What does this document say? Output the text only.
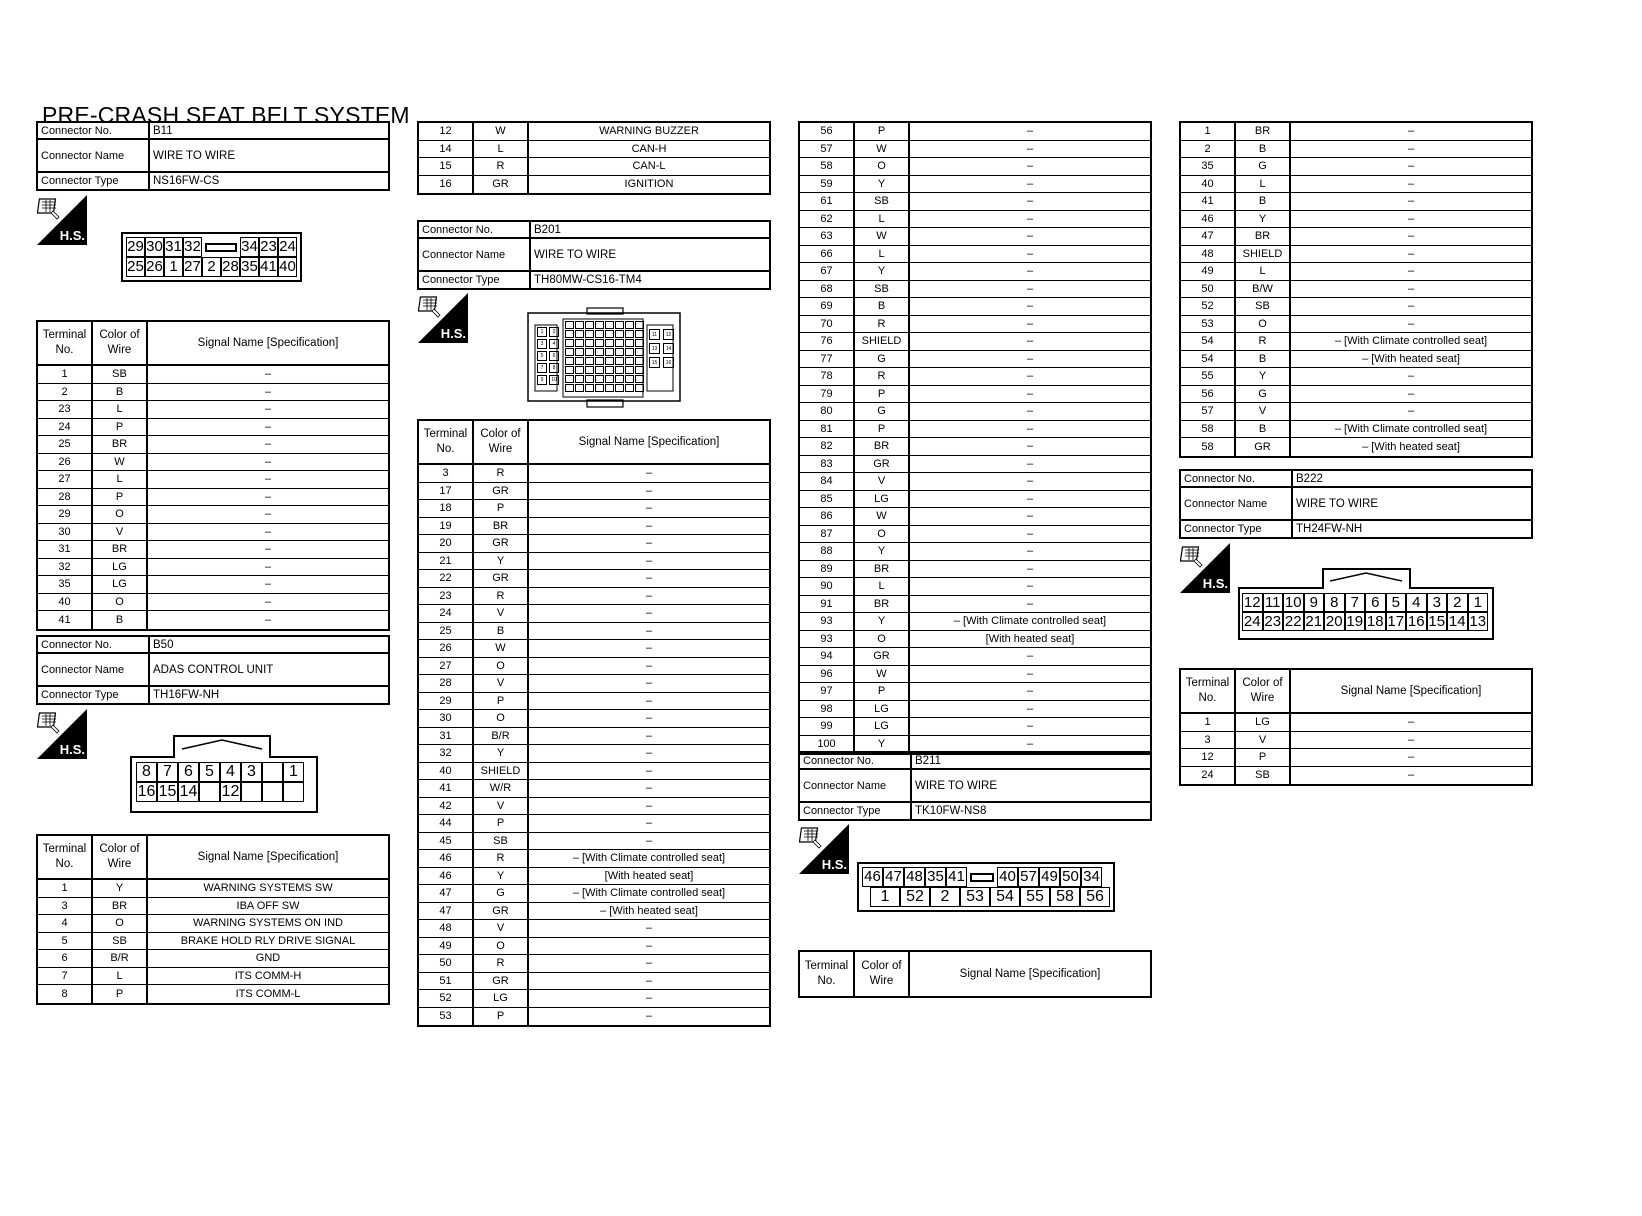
PRE-CRASH SEAT BELT SYSTEM
Connector No.	B11
Connector Name	WIRE TO WIRE
Connector Type	NS16FW-CS
H.S.
29 30 31 32	34 23 24
25 26 1 27 2 28 35 41 40
Terminal No.
Color of Wire
Signal Name [Specification]
1	SB	–
2	B	–
23	L	–
24	P	–
25	BR	–
26	W	–
27	L	–
28	P	–
29	O	–
30	V	–
31	BR	–
32	LG	–
35	LG	–
40	O	–
41	B	–
Connector No.	B50
Connector Name	ADAS CONTROL UNIT
Connector Type	TH16FW-NH
H.S.
8 7 6 5 4 3	1
16 15 14 12
Terminal No.
Color of Wire
Signal Name [Specification]
1	Y	WARNING SYSTEMS SW
3	BR	IBA OFF SW
4	O	WARNING SYSTEMS ON IND
5	SB	BRAKE HOLD RLY DRIVE SIGNAL
6	B/R	GND
7	L	ITS COMM-H
8	P	ITS COMM-L
12	W	WARNING BUZZER
14	L	CAN-H
15	R	CAN-L
16	GR	IGNITION
Connector No.	B201
Connector Name	WIRE TO WIRE
Connector Type	TH80MW-CS16-TM4
H.S.	1	2
3	4
5	6
7	8
9	10
11	12
13	14
15	16
Terminal No.
Color of Wire
Signal Name [Specification]
3	R	–
17	GR	–
18	P	–
19	BR	–
20	GR	–
21	Y	–
22	GR	–
23	R	–
24	V	–
25	B	–
26	W	–
27	O	–
28	V	–
29	P	–
30	O	–
31	B/R	–
32	Y	–
40	SHIELD	–
41	W/R	–
42	V	–
44	P	–
45	SB	–
46	R	– [With Climate controlled seat]
46	Y	[With heated seat]
47	G	– [With Climate controlled seat]
47	GR	– [With heated seat]
48	V	–
49	O	–
50	R	–
51	GR	–
52	LG	–
53	P	–
56	P	–
57	W	–
58	O	–
59	Y	–
61	SB	–
62	L	–
63	W	–
66	L	–
67	Y	–
68	SB	–
69	B	–
70	R	–
76	SHIELD	–
77	G	–
78	R	–
79	P	–
80	G	–
81	P	–
82	BR	–
83	GR	–
84	V	–
85	LG	–
86	W	–
87	O	–
88	Y	–
89	BR	–
90	L	–
91	BR	–
93	Y	– [With Climate controlled seat]
93	O	[With heated seat]
94	GR	–
96	W	–
97	P	–
98	LG	–
99	LG	–
100	Y	–
Connector No.	B211
Connector Name	WIRE TO WIRE
Connector Type	TK10FW-NS8
H.S.
46 47 48 35 41 40 57 49 50 34
1	52	2	53 54 55 58 56
Terminal No.
Color of Wire
Signal Name [Specification]
1	BR	–
2	B	–
35	G	–
40	L	–
41	B	–
46	Y	–
47	BR	–
48	SHIELD	–
49	L	–
50	B/W	–
52	SB	–
53	O	–
54	R	– [With Climate controlled seat]
54	B	– [With heated seat]
55	Y	–
56	G	–
57	V	–
58	B	– [With Climate controlled seat]
58	GR	– [With heated seat]
Connector No.	B222
Connector Name	WIRE TO WIRE
Connector Type	TH24FW-NH
H.S.
12 11 10 9 8 7 6 5 4 3 2 1
24 23 22 21 20 19 18 17 16 15 14 13
Terminal No.
Color of Wire
Signal Name [Specification]
1	LG	–
3	V	–
12	P	–
24	SB	–
